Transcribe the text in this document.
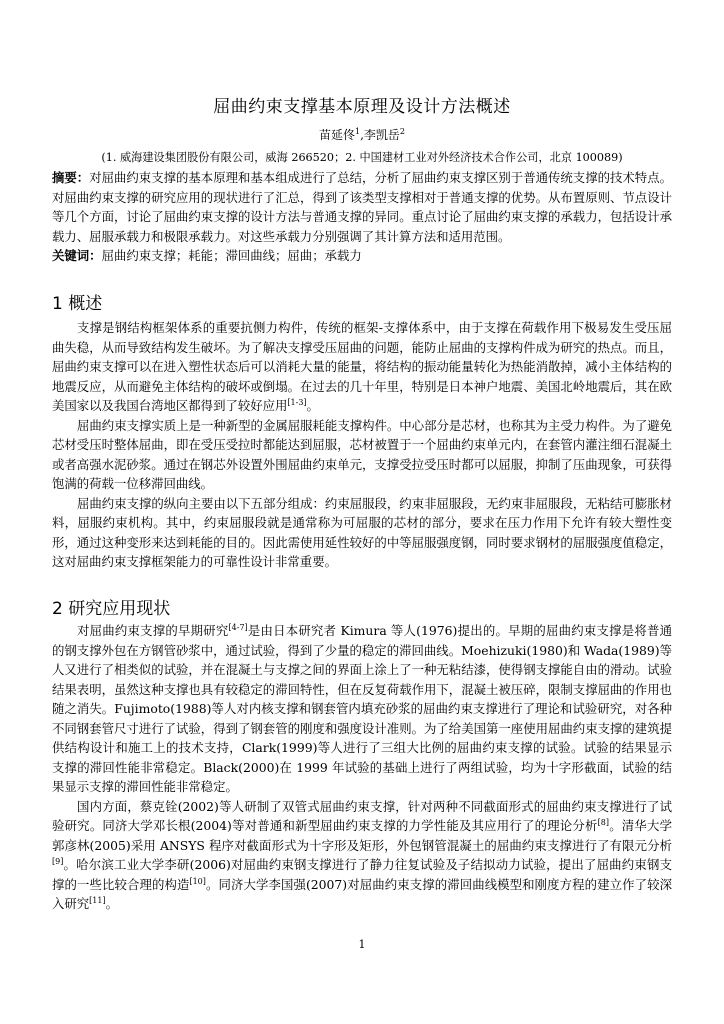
屈曲约束支撑基本原理及设计方法概述
苗延佟$^1$,李凯岳$^2$
(1. 威海建设集团股份有限公司，威海 266520；2. 中国建材工业对外经济技术合作公司，北京 100089)

摘要：对屈曲约束支撑的基本原理和基本组成进行了总结，分析了屈曲约束支撑区别于普通传统支撑的技术特点。对屈曲约束支撑的研究应用的现状进行了汇总，得到了该类型支撑相对于普通支撑的优势。从布置原则、节点设计等几个方面，讨论了屈曲约束支撑的设计方法与普通支撑的异同。重点讨论了屈曲约束支撑的承载力，包括设计承载力、屈服承载力和极限承载力。对这些承载力分别强调了其计算方法和适用范围。

关键词：屈曲约束支撑；耗能；滞回曲线；屈曲；承载力

1 概述

支撑是钢结构框架体系的重要抗侧力构件，传统的框架-支撑体系中，由于支撑在荷载作用下极易发生受压屈曲失稳，从而导致结构发生破坏。为了解决支撑受压屈曲的问题，能防止屈曲的支撑构件成为研究的热点。而且，屈曲约束支撑可以在进入塑性状态后可以消耗大量的能量，将结构的振动能量转化为热能消散掉，减小主体结构的地震反应，从而避免主体结构的破坏或倒塌。在过去的几十年里，特别是日本神户地震、美国北岭地震后，其在欧美国家以及我国台湾地区都得到了较好应用[1-3]。

屈曲约束支撑实质上是一种新型的金属屈服耗能支撑构件。中心部分是芯材，也称其为主受力构件。为了避免芯材受压时整体屈曲，即在受压受拉时都能达到屈服，芯材被置于一个屈曲约束单元内，在套管内灌注细石混凝土或者高强水泥砂浆。通过在钢芯外设置外围屈曲约束单元，支撑受拉受压时都可以屈服，抑制了压曲现象，可获得饱满的荷载一位移滞回曲线。

屈曲约束支撑的纵向主要由以下五部分组成：约束屈服段，约束非屈服段，无约束非屈服段，无粘结可膨胀材料，屈服约束机构。其中，约束屈服段就是通常称为可屈服的芯材的部分，要求在压力作用下允许有较大塑性变形，通过这种变形来达到耗能的目的。因此需使用延性较好的中等屈服强度钢，同时要求钢材的屈服强度值稳定，这对屈曲约束支撑框架能力的可靠性设计非常重要。

2 研究应用现状

对屈曲约束支撑的早期研究[4-7]是由日本研究者 Kimura 等人(1976)提出的。早期的屈曲约束支撑是将普通的钢支撑外包在方钢管砂浆中，通过试验，得到了少量的稳定的滞回曲线。Moehizuki(1980)和 Wada(1989)等人又进行了相类似的试验，并在混凝土与支撑之间的界面上涂上了一种无粘结漆，使得钢支撑能自由的滑动。试验结果表明，虽然这种支撑也具有较稳定的滞回特性，但在反复荷载作用下，混凝土被压碎，限制支撑屈曲的作用也随之消失。Fujimoto(1988)等人对内核支撑和钢套管内填充砂浆的屈曲约束支撑进行了理论和试验研究，对各种不同钢套管尺寸进行了试验，得到了钢套管的刚度和强度设计准则。为了给美国第一座使用屈曲约束支撑的建筑提供结构设计和施工上的技术支持，Clark(1999)等人进行了三组大比例的屈曲约束支撑的试验。试验的结果显示支撑的滞回性能非常稳定。Black(2000)在 1999 年试验的基础上进行了两组试验，均为十字形截面，试验的结果显示支撑的滞回性能非常稳定。

国内方面，蔡克铨(2002)等人研制了双管式屈曲约束支撑，针对两种不同截面形式的屈曲约束支撑进行了试验研究。同济大学邓长根(2004)等对普通和新型屈曲约束支撑的力学性能及其应用行了的理论分析[8]。清华大学郭彦林(2005)采用 ANSYS 程序对截面形式为十字形及矩形，外包钢管混凝土的屈曲约束支撑进行了有限元分析[9]。哈尔滨工业大学李研(2006)对屈曲约束钢支撑进行了静力往复试验及子结拟动力试验，提出了屈曲约束钢支撑的一些比较合理的构造[10]。同济大学李国强(2007)对屈曲约束支撑的滞回曲线模型和刚度方程的建立作了较深入研究[11]。

1
